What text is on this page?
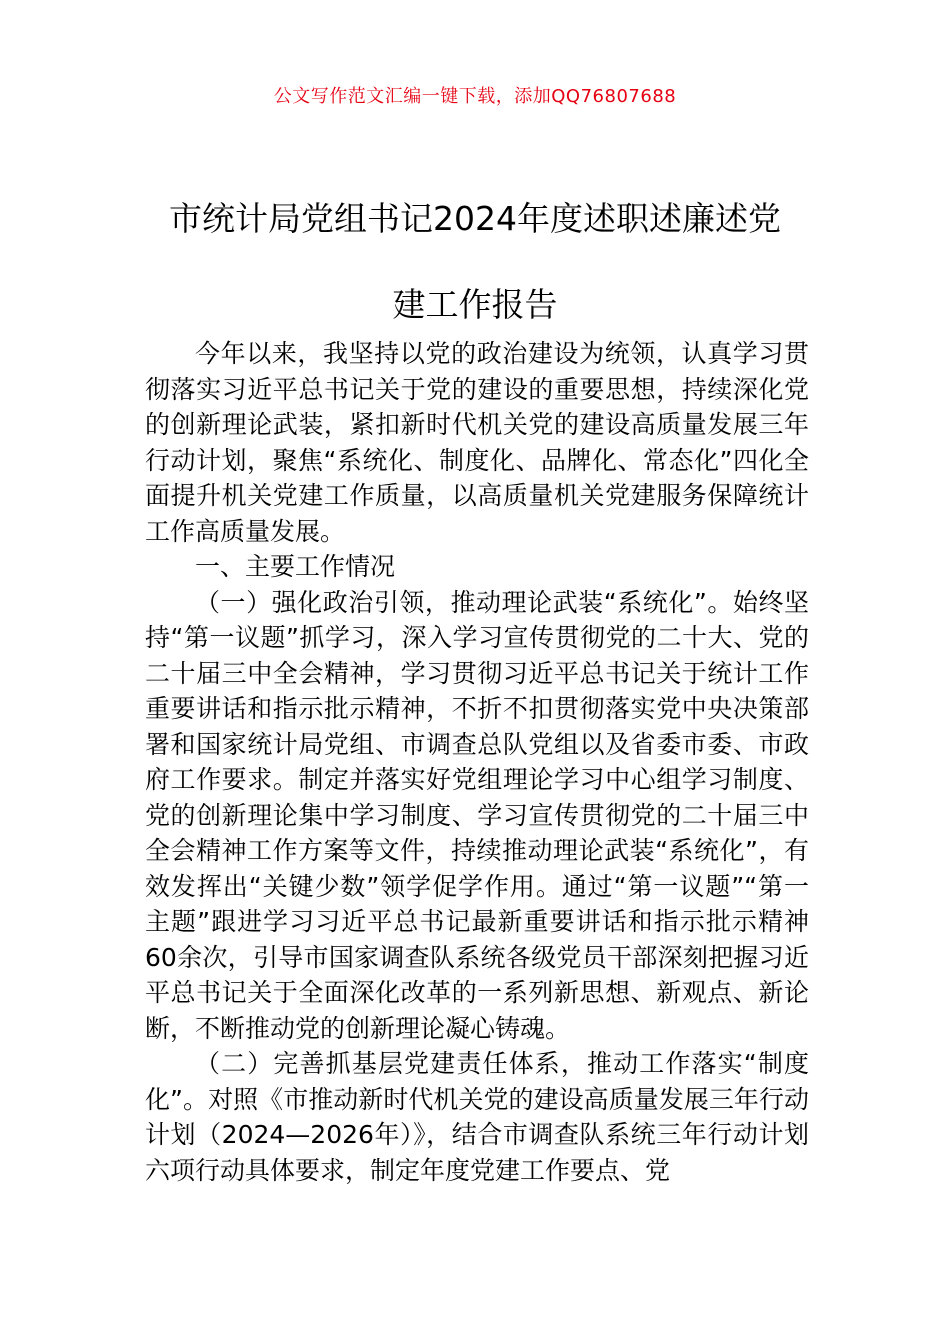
公文写作范文汇编一键下载，添加QQ76807688
市统计局党组书记2024年度述职述廉述党
建工作报告

今年以来，我坚持以党的政治建设为统领，认真学习贯彻落实习近平总书记关于党的建设的重要思想，持续深化党的创新理论武装，紧扣新时代机关党的建设高质量发展三年行动计划，聚焦“系统化、制度化、品牌化、常态化”四化全面提升机关党建工作质量，以高质量机关党建服务保障统计工作高质量发展。

一、主要工作情况

（一）强化政治引领，推动理论武装“系统化”。始终坚持“第一议题”抓学习，深入学习宣传贯彻党的二十大、党的二十届三中全会精神，学习贯彻习近平总书记关于统计工作重要讲话和指示批示精神，不折不扣贯彻落实党中央决策部署和国家统计局党组、市调查总队党组以及省委市委、市政府工作要求。制定并落实好党组理论学习中心组学习制度、党的创新理论集中学习制度、学习宣传贯彻党的二十届三中全会精神工作方案等文件，持续推动理论武装“系统化”，有效发挥出“关键少数”领学促学作用。通过“第一议题”“第一主题”跟进学习习近平总书记最新重要讲话和指示批示精神60余次，引导市国家调查队系统各级党员干部深刻把握习近平总书记关于全面深化改革的一系列新思想、新观点、新论断，不断推动党的创新理论凝心铸魂。

（二）完善抓基层党建责任体系，推动工作落实“制度化”。对照《市推动新时代机关党的建设高质量发展三年行动计划（2024—2026年）》，结合市调查队系统三年行动计划六项行动具体要求，制定年度党建工作要点、党
